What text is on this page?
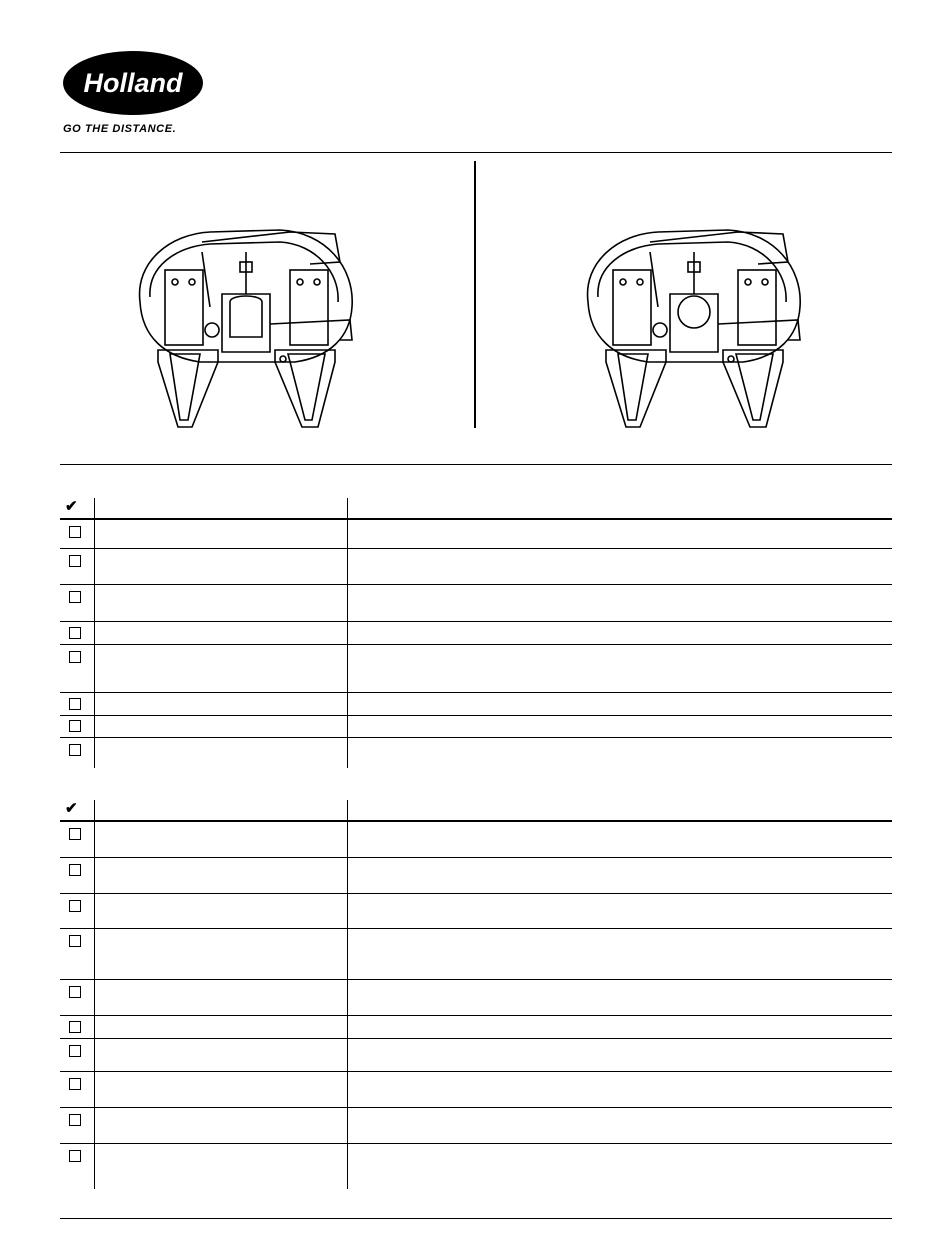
Holland
GO THE DISTANCE.
✔
✔
